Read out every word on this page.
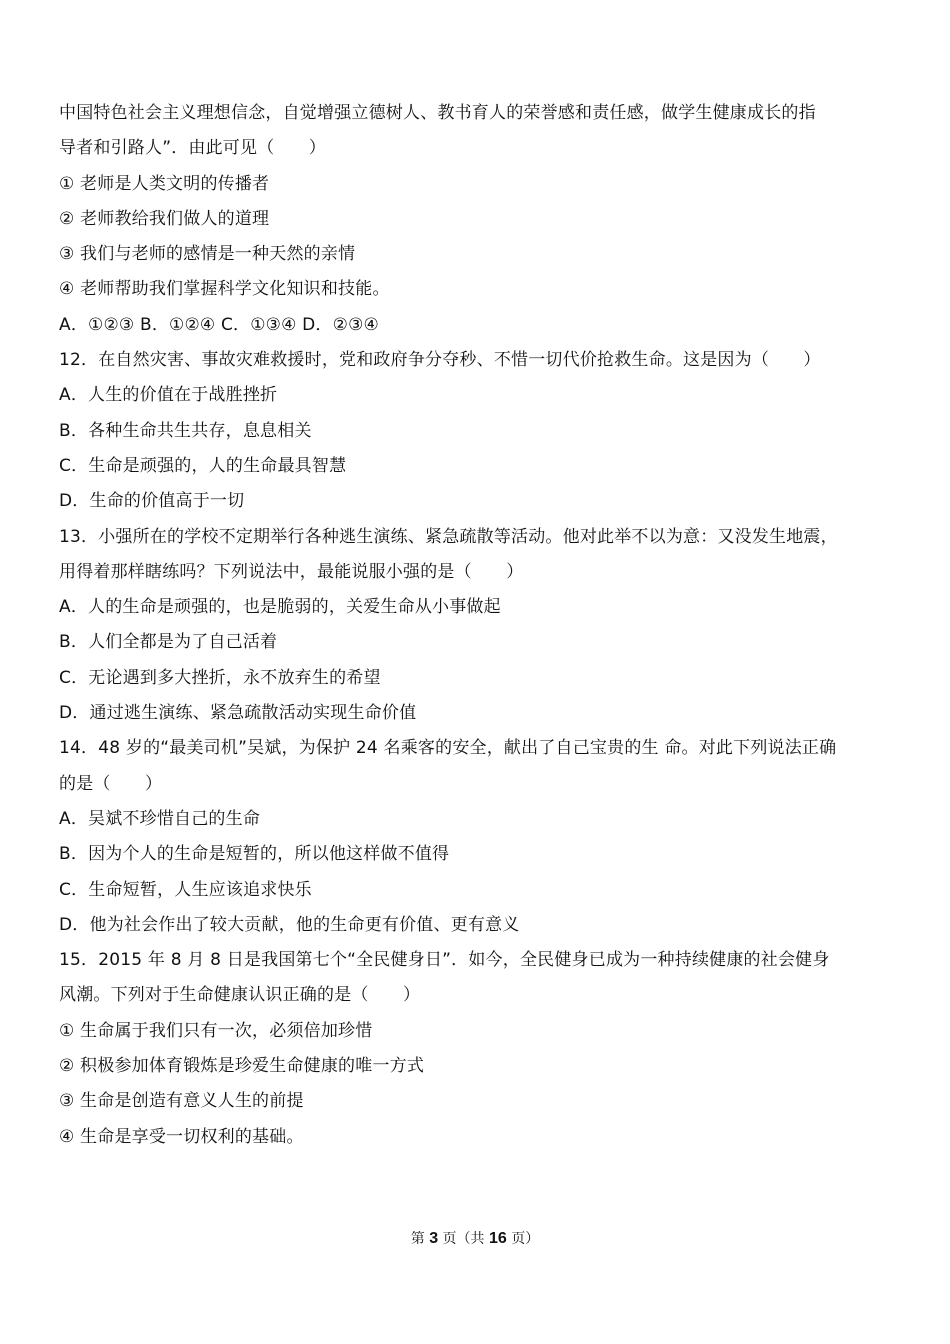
中国特色社会主义理想信念，自觉增强立德树人、教书育人的荣誉感和责任感，做学生健康成长的指
导者和引路人”．由此可见（　　）
① 老师是人类文明的传播者
② 老师教给我们做人的道理
③ 我们与老师的感情是一种天然的亲情
④ 老师帮助我们掌握科学文化知识和技能。
A．①②③ B．①②④ C．①③④ D．②③④
12．在自然灾害、事故灾难救援时，党和政府争分夺秒、不惜一切代价抢救生命。这是因为（　　）
A．人生的价值在于战胜挫折
B．各种生命共生共存，息息相关
C．生命是顽强的，人的生命最具智慧
D．生命的价值高于一切
13．小强所在的学校不定期举行各种逃生演练、紧急疏散等活动。他对此举不以为意：又没发生地震，
用得着那样瞎练吗？下列说法中，最能说服小强的是（　　）
A．人的生命是顽强的，也是脆弱的，关爱生命从小事做起
B．人们全都是为了自己活着
C．无论遇到多大挫折，永不放弃生的希望
D．通过逃生演练、紧急疏散活动实现生命价值
14．48 岁的“最美司机”吴斌，为保护 24 名乘客的安全，献出了自己宝贵的生 命。对此下列说法正确
的是（　　）
A．吴斌不珍惜自己的生命
B．因为个人的生命是短暂的，所以他这样做不值得
C．生命短暂，人生应该追求快乐
D．他为社会作出了较大贡献，他的生命更有价值、更有意义
15．2015 年 8 月 8 日是我国第七个“全民健身日”．如今，全民健身已成为一种持续健康的社会健身
风潮。下列对于生命健康认识正确的是（　　）
① 生命属于我们只有一次，必须倍加珍惜
② 积极参加体育锻炼是珍爱生命健康的唯一方式
③ 生命是创造有意义人生的前提
④ 生命是享受一切权利的基础。
第 3 页（共 16 页）
